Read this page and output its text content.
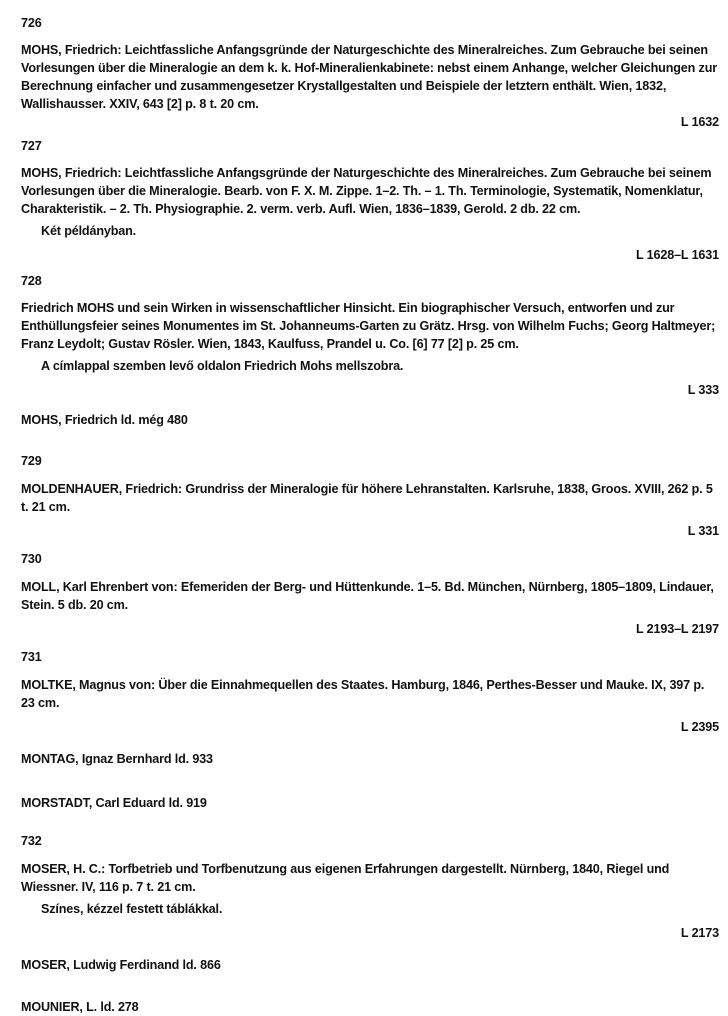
726
MOHS, Friedrich: Leichtfassliche Anfangsgründe der Naturgeschichte des Mineralreiches. Zum Gebrauche bei seinen Vorlesungen über die Mineralogie an dem k. k. Hof-Mineralienkabinete: nebst einem Anhange, welcher Gleichungen zur Berechnung einfacher und zusammengesetzer Krystallgestalten und Beispiele der letztern enthält. Wien, 1832, Wallishausser. XXIV, 643 [2] p. 8 t. 20 cm.
L 1632
727
MOHS, Friedrich: Leichtfassliche Anfangsgründe der Naturgeschichte des Mineralreiches. Zum Gebrauche bei seinem Vorlesungen über die Mineralogie. Bearb. von F. X. M. Zippe. 1–2. Th. – 1. Th. Terminologie, Systematik, Nomenklatur, Charakteristik. – 2. Th. Physiographie. 2. verm. verb. Aufl. Wien, 1836–1839, Gerold. 2 db. 22 cm.
Két példányban.
L 1628–L 1631
728
Friedrich MOHS und sein Wirken in wissenschaftlicher Hinsicht. Ein biographischer Versuch, entworfen und zur Enthüllungsfeier seines Monumentes im St. Johanneums-Garten zu Grätz. Hrsg. von Wilhelm Fuchs; Georg Haltmeyer; Franz Leydolt; Gustav Rösler. Wien, 1843, Kaulfuss, Prandel u. Co. [6] 77 [2] p. 25 cm.
A címlappal szemben levő oldalon Friedrich Mohs mellszobra.
L 333
MOHS, Friedrich ld. még 480
729
MOLDENHAUER, Friedrich: Grundriss der Mineralogie für höhere Lehranstalten. Karlsruhe, 1838, Groos. XVIII, 262 p. 5 t. 21 cm.
L 331
730
MOLL, Karl Ehrenbert von: Efemeriden der Berg- und Hüttenkunde. 1–5. Bd. München, Nürnberg, 1805–1809, Lindauer, Stein. 5 db. 20 cm.
L 2193–L 2197
731
MOLTKE, Magnus von: Über die Einnahmequellen des Staates. Hamburg, 1846, Perthes-Besser und Mauke. IX, 397 p. 23 cm.
L 2395
MONTAG, Ignaz Bernhard ld. 933
MORSTADT, Carl Eduard ld. 919
732
MOSER, H. C.: Torfbetrieb und Torfbenutzung aus eigenen Erfahrungen dargestellt. Nürnberg, 1840, Riegel und Wiessner. IV, 116 p. 7 t. 21 cm.
Színes, kézzel festett táblákkal.
L 2173
MOSER, Ludwig Ferdinand ld. 866
MOUNIER, L. ld. 278
